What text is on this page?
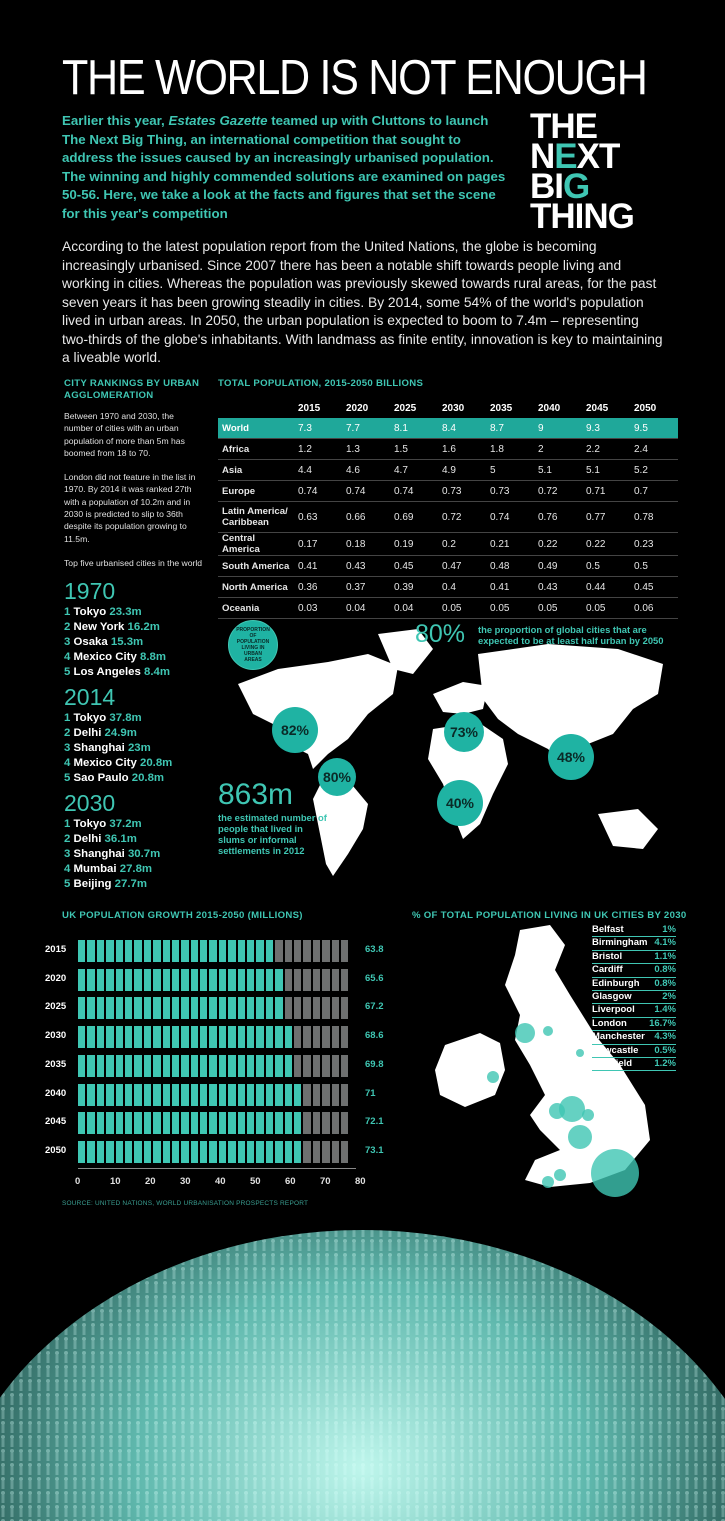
THE WORLD IS NOT ENOUGH
Earlier this year, Estates Gazette teamed up with Cluttons to launch The Next Big Thing, an international competition that sought to address the issues caused by an increasingly urbanised population. The winning and highly commended solutions are examined on pages 50-56. Here, we take a look at the facts and figures that set the scene for this year's competition
THE
NEXT
BIG
THING
According to the latest population report from the United Nations, the globe is becoming increasingly urbanised. Since 2007 there has been a notable shift towards people living and working in cities. Whereas the population was previously skewed towards rural areas, for the past seven years it has been growing steadily in cities. By 2014, some 54% of the world's population lived in urban areas. In 2050, the urban population is expected to boom to 7.4m – representing two-thirds of the globe's inhabitants. With landmass as finite entity, innovation is key to maintaining a liveable world.
CITY RANKINGS BY URBAN AGGLOMERATION
Between 1970 and 2030, the number of cities with an urban population of more than 5m has boomed from 18 to 70.
London did not feature in the list in 1970. By 2014 it was ranked 27th with a population of 10.2m and in 2030 is predicted to slip to 36th despite its population growing to 11.5m.
Top five urbanised cities in the world
1970
1 Tokyo 23.3m
2 New York 16.2m
3 Osaka 15.3m
4 Mexico City 8.8m
5 Los Angeles 8.4m
2014
1 Tokyo 37.8m
2 Delhi 24.9m
3 Shanghai 23m
4 Mexico City 20.8m
5 Sao Paulo 20.8m
2030
1 Tokyo 37.2m
2 Delhi 36.1m
3 Shanghai 30.7m
4 Mumbai 27.8m
5 Beijing 27.7m
TOTAL POPULATION, 2015-2050 BILLIONS
	2015	2020	2025	2030	2035	2040	2045	2050
World	7.3	7.7	8.1	8.4	8.7	9	9.3	9.5
Africa	1.2	1.3	1.5	1.6	1.8	2	2.2	2.4
Asia	4.4	4.6	4.7	4.9	5	5.1	5.1	5.2
Europe	0.74	0.74	0.74	0.73	0.73	0.72	0.71	0.7
Latin America/ Caribbean	0.63	0.66	0.69	0.72	0.74	0.76	0.77	0.78
Central America	0.17	0.18	0.19	0.2	0.21	0.22	0.22	0.23
South America	0.41	0.43	0.45	0.47	0.48	0.49	0.5	0.5
North America	0.36	0.37	0.39	0.4	0.41	0.43	0.44	0.45
Oceania	0.03	0.04	0.04	0.05	0.05	0.05	0.05	0.06
PROPORTION OF POPULATION LIVING IN URBAN AREAS
80% the proportion of global cities that are expected to be at least half urban by 2050
863m
the estimated number of people that lived in slums or informal settlements in 2012
82%
80%
73%
40%
48%
UK POPULATION GROWTH 2015-2050 (MILLIONS)
2015	63.8
2020	65.6
2025	67.2
2030	68.6
2035	69.8
2040	71
2045	72.1
2050	73.1
% OF TOTAL POPULATION LIVING IN UK CITIES BY 2030
Belfast	1%
Birmingham 4.1%
Bristol	1.1%
Cardiff	0.8%
Edinburgh 0.8%
Glasgow	2%
Liverpool 1.4%
London 16.7%
Manchester 4.3%
Newcastle 0.5%
Sheffield 1.2%
SOURCE: UNITED NATIONS, WORLD URBANISATION PROSPECTS REPORT
0	10	20	30	40	50	60	70	80
